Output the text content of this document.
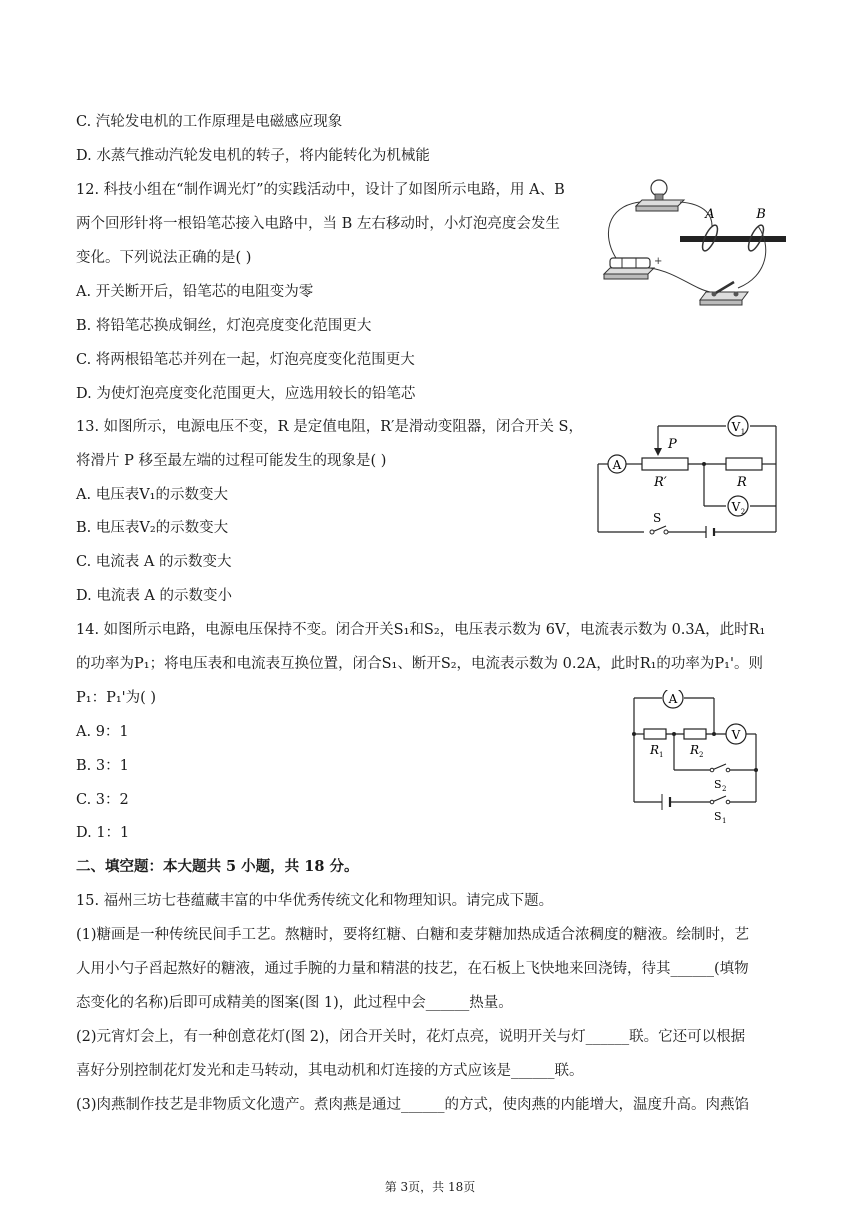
C. 汽轮发电机的工作原理是电磁感应现象
D. 水蒸气推动汽轮发电机的转子，将内能转化为机械能
12. 科技小组在“制作调光灯”的实践活动中，设计了如图所示电路，用 A、B
两个回形针将一根铅笔芯接入电路中，当 B 左右移动时，小灯泡亮度会发生
变化。下列说法正确的是( )
A. 开关断开后，铅笔芯的电阻变为零
B. 将铅笔芯换成铜丝，灯泡亮度变化范围更大
C. 将两根铅笔芯并列在一起，灯泡亮度变化范围更大
D. 为使灯泡亮度变化范围更大，应选用较长的铅笔芯
13. 如图所示，电源电压不变，R 是定值电阻，R′是滑动变阻器，闭合开关 S，
将滑片 P 移至最左端的过程可能发生的现象是( )
A. 电压表V₁的示数变大
B. 电压表V₂的示数变大
C. 电流表 A 的示数变大
D. 电流表 A 的示数变小
14. 如图所示电路，电源电压保持不变。闭合开关S₁和S₂，电压表示数为 6V，电流表示数为 0.3A，此时R₁
的功率为P₁；将电压表和电流表互换位置，闭合S₁、断开S₂，电流表示数为 0.2A，此时R₁的功率为P₁'。则
P₁：P₁'为( )
A. 9：1
B. 3：1
C. 3：2
D. 1：1
二、填空题：本大题共 5 小题，共 18 分。
15. 福州三坊七巷蕴藏丰富的中华优秀传统文化和物理知识。请完成下题。
(1)糖画是一种传统民间手工艺。熬糖时，要将红糖、白糖和麦芽糖加热成适合浓稠度的糖液。绘制时，艺
人用小勺子舀起熬好的糖液，通过手腕的力量和精湛的技艺，在石板上飞快地来回浇铸，待其______(填物
态变化的名称)后即可成精美的图案(图 1)，此过程中会______热量。
(2)元宵灯会上，有一种创意花灯(图 2)，闭合开关时，花灯点亮，说明开关与灯______联。它还可以根据
喜好分别控制花灯发光和走马转动，其电动机和灯连接的方式应该是______联。
(3)肉燕制作技艺是非物质文化遗产。煮肉燕是通过______的方式，使肉燕的内能增大，温度升高。肉燕馅
A	B
+
A
V 1
V 2
P
R′	R
S
A
V
R 1 R 2
S 2
S 1
第 3页，共 18页
